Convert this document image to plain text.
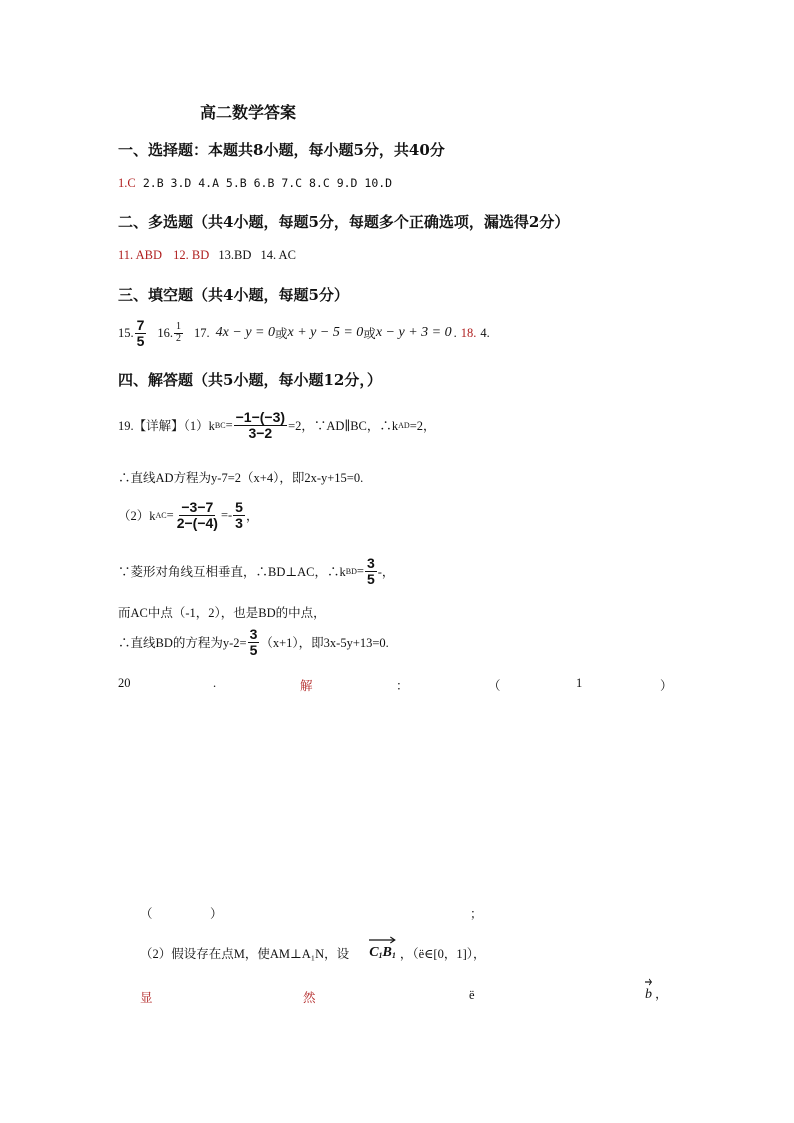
高二数学答案
一、选择题：本题共8小题，每小题5分，共40分
1.C 2.B 3.D 4.A 5.B 6.B 7.C 8.C 9.D 10.D
二、多选题（共4小题，每题5分，每题多个正确选项，漏选得2分）
11. ABD 12. BD 13.BD 14. AC
三、填空题（共4小题，每题5分）
15. $\frac{7}{5} 16$. $\frac{1}{2} 17$. 4x − y = 0 或 x + y − 5 = 0 或 x − y + 3 = 0 . 18. 4.
四、解答题（共5小题，每小题12分，）
19.【详解】（1）k BC = $\frac{-1-(-3)}{3-2} =2$，∵AD∥BC，∴k AD =2，
∴直线AD方程为y-7=2（x+4），即2x-y+15=0.
（2）k AC = $\frac{-3-7}{2-(-4)} =- \frac{5}{3}$ ，
∵菱形对角线互相垂直，∴BD⊥AC，∴k BD = $\frac{3}{5}$ -，
而AC中点（-1，2），也是BD的中点，
∴直线BD的方程为$y-2= \frac{3}{5} (x+1)$，即3x-5y+13=0.
20	.	解	：	（	1	）
（	）	；
（2）假设存在点M，使AM⊥A₁N，设 $C_1B_1$ ，（ë∈[0，1]），
显	然	ë	b ，
